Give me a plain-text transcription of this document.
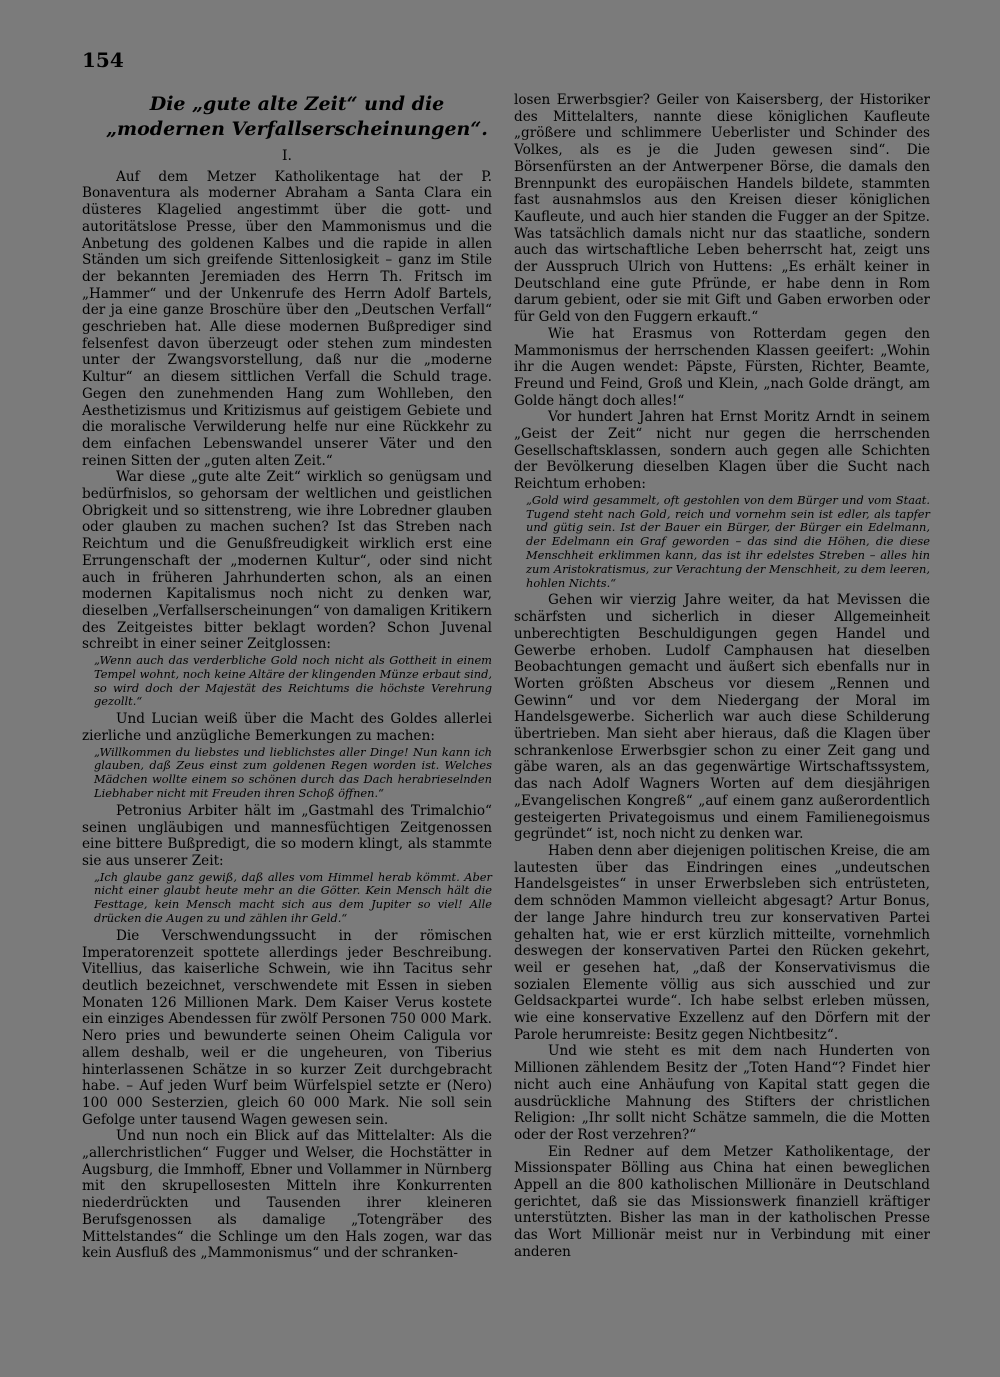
154
Die „gute alte Zeit“ und die „modernen Verfallserscheinungen“.
I.

Auf dem Metzer Katholikentage hat der P. Bonaventura als moderner Abraham a Santa Clara ein düsteres Klagelied angestimmt über die gott- und autoritätslose Presse, über den Mammonismus und die Anbetung des goldenen Kalbes und die rapide in allen Ständen um sich greifende Sittenlosigkeit – ganz im Stile der bekannten Jeremiaden des Herrn Th. Fritsch im „Hammer“ und der Unkenrufe des Herrn Adolf Bartels, der ja eine ganze Broschüre über den „Deutschen Verfall“ geschrieben hat. Alle diese modernen Bußprediger sind felsenfest davon überzeugt oder stehen zum mindesten unter der Zwangsvorstellung, daß nur die „moderne Kultur“ an diesem sittlichen Verfall die Schuld trage. Gegen den zunehmenden Hang zum Wohlleben, den Aesthetizismus und Kritizismus auf geistigem Gebiete und die moralische Verwilderung helfe nur eine Rückkehr zu dem einfachen Lebenswandel unserer Väter und den reinen Sitten der „guten alten Zeit.“

War diese „gute alte Zeit“ wirklich so genügsam und bedürfnislos, so gehorsam der weltlichen und geistlichen Obrigkeit und so sittenstreng, wie ihre Lobredner glauben oder glauben zu machen suchen? Ist das Streben nach Reichtum und die Genußfreudigkeit wirklich erst eine Errungenschaft der „modernen Kultur“, oder sind nicht auch in früheren Jahrhunderten schon, als an einen modernen Kapitalismus noch nicht zu denken war, dieselben „Verfallserscheinungen“ von damaligen Kritikern des Zeitgeistes bitter beklagt worden? Schon Juvenal schreibt in einer seiner Zeitglossen:

„Wenn auch das verderbliche Gold noch nicht als Gottheit in einem Tempel wohnt, noch keine Altäre der klingenden Münze erbaut sind, so wird doch der Majestät des Reichtums die höchste Verehrung gezollt.“

Und Lucian weiß über die Macht des Goldes allerlei zierliche und anzügliche Bemerkungen zu machen:

„Willkommen du liebstes und lieblichstes aller Dinge! Nun kann ich glauben, daß Zeus einst zum goldenen Regen worden ist. Welches Mädchen wollte einem so schönen durch das Dach herabrieselnden Liebhaber nicht mit Freuden ihren Schoß öffnen.“

Petronius Arbiter hält im „Gastmahl des Trimalchio“ seinen ungläubigen und mannesfüchtigen Zeitgenossen eine bittere Bußpredigt, die so modern klingt, als stammte sie aus unserer Zeit:

„Ich glaube ganz gewiß, daß alles vom Himmel herab kömmt. Aber nicht einer glaubt heute mehr an die Götter. Kein Mensch hält die Festtage, kein Mensch macht sich aus dem Jupiter so viel! Alle drücken die Augen zu und zählen ihr Geld.“

Die Verschwendungssucht in der römischen Imperatorenzeit spottete allerdings jeder Beschreibung. Vitellius, das kaiserliche Schwein, wie ihn Tacitus sehr deutlich bezeichnet, verschwendete mit Essen in sieben Monaten 126 Millionen Mark. Dem Kaiser Verus kostete ein einziges Abendessen für zwölf Personen 750 000 Mark. Nero pries und bewunderte seinen Oheim Caligula vor allem deshalb, weil er die ungeheuren, von Tiberius hinterlassenen Schätze in so kurzer Zeit durchgebracht habe. – Auf jeden Wurf beim Würfelspiel setzte er (Nero) 100 000 Sesterzien, gleich 60 000 Mark. Nie soll sein Gefolge unter tausend Wagen gewesen sein.

Und nun noch ein Blick auf das Mittelalter: Als die „allerchristlichen“ Fugger und Welser, die Hochstätter in Augsburg, die Immhoff, Ebner und Vollammer in Nürnberg mit den skrupellosesten Mitteln ihre Konkurrenten niederdrückten und Tausenden ihrer kleineren Berufsgenossen als damalige „Totengräber des Mittelstandes“ die Schlinge um den Hals zogen, war das kein Ausfluß des „Mammonismus“ und der schranken-

losen Erwerbsgier? Geiler von Kaisersberg, der Historiker des Mittelalters, nannte diese königlichen Kaufleute „größere und schlimmere Ueberlister und Schinder des Volkes, als es je die Juden gewesen sind“. Die Börsenfürsten an der Antwerpener Börse, die damals den Brennpunkt des europäischen Handels bildete, stammten fast ausnahmslos aus den Kreisen dieser königlichen Kaufleute, und auch hier standen die Fugger an der Spitze. Was tatsächlich damals nicht nur das staatliche, sondern auch das wirtschaftliche Leben beherrscht hat, zeigt uns der Ausspruch Ulrich von Huttens: „Es erhält keiner in Deutschland eine gute Pfründe, er habe denn in Rom darum gebient, oder sie mit Gift und Gaben erworben oder für Geld von den Fuggern erkauft.“

Wie hat Erasmus von Rotterdam gegen den Mammonismus der herrschenden Klassen geeifert: „Wohin ihr die Augen wendet: Päpste, Fürsten, Richter, Beamte, Freund und Feind, Groß und Klein, „nach Golde drängt, am Golde hängt doch alles!“

Vor hundert Jahren hat Ernst Moritz Arndt in seinem „Geist der Zeit“ nicht nur gegen die herrschenden Gesellschaftsklassen, sondern auch gegen alle Schichten der Bevölkerung dieselben Klagen über die Sucht nach Reichtum erhoben:

„Gold wird gesammelt, oft gestohlen von dem Bürger und vom Staat. Tugend steht nach Gold, reich und vornehm sein ist edler, als tapfer und gütig sein. Ist der Bauer ein Bürger, der Bürger ein Edelmann, der Edelmann ein Graf geworden – das sind die Höhen, die diese Menschheit erklimmen kann, das ist ihr edelstes Streben – alles hin zum Aristokratismus, zur Verachtung der Menschheit, zu dem leeren, hohlen Nichts.“

Gehen wir vierzig Jahre weiter, da hat Mevissen die schärfsten und sicherlich in dieser Allgemeinheit unberechtigten Beschuldigungen gegen Handel und Gewerbe erhoben. Ludolf Camphausen hat dieselben Beobachtungen gemacht und äußert sich ebenfalls nur in Worten größten Abscheus vor diesem „Rennen und Gewinn“ und vor dem Niedergang der Moral im Handelsgewerbe. Sicherlich war auch diese Schilderung übertrieben. Man sieht aber hieraus, daß die Klagen über schrankenlose Erwerbsgier schon zu einer Zeit gang und gäbe waren, als an das gegenwärtige Wirtschaftssystem, das nach Adolf Wagners Worten auf dem diesjährigen „Evangelischen Kongreß“ „auf einem ganz außerordentlich gesteigerten Privategoismus und einem Familienegoismus gegründet“ ist, noch nicht zu denken war.

Haben denn aber diejenigen politischen Kreise, die am lautesten über das Eindringen eines „undeutschen Handelsgeistes“ in unser Erwerbsleben sich entrüsteten, dem schnöden Mammon vielleicht abgesagt? Artur Bonus, der lange Jahre hindurch treu zur konservativen Partei gehalten hat, wie er erst kürzlich mitteilte, vornehmlich deswegen der konservativen Partei den Rücken gekehrt, weil er gesehen hat, „daß der Konservativismus die sozialen Elemente völlig aus sich ausschied und zur Geldsackpartei wurde“. Ich habe selbst erleben müssen, wie eine konservative Exzellenz auf den Dörfern mit der Parole herumreiste: Besitz gegen Nichtbesitz“.

Und wie steht es mit dem nach Hunderten von Millionen zählendem Besitz der „Toten Hand“? Findet hier nicht auch eine Anhäufung von Kapital statt gegen die ausdrückliche Mahnung des Stifters der christlichen Religion: „Ihr sollt nicht Schätze sammeln, die die Motten oder der Rost verzehren?“

Ein Redner auf dem Metzer Katholikentage, der Missionspater Bölling aus China hat einen beweglichen Appell an die 800 katholischen Millionäre in Deutschland gerichtet, daß sie das Missionswerk finanziell kräftiger unterstützten. Bisher las man in der katholischen Presse das Wort Millionär meist nur in Verbindung mit einer anderen
